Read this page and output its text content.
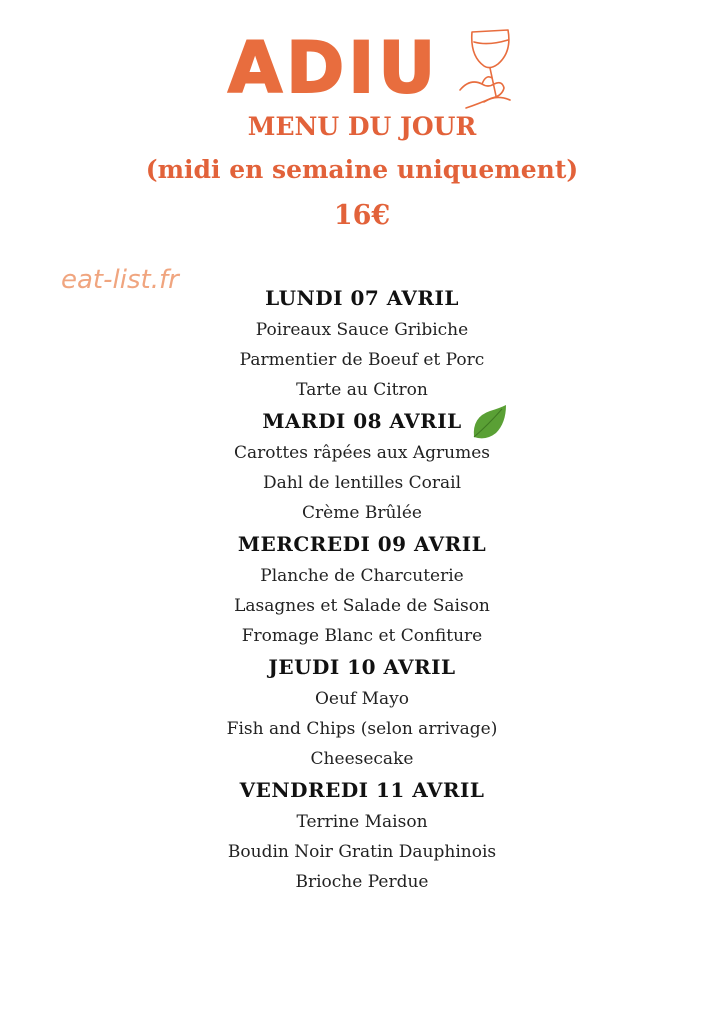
ADIU
MENU DU JOUR
(midi en semaine uniquement)
16€
eat-list.fr
LUNDI 07 AVRIL
Poireaux Sauce Gribiche
Parmentier de Boeuf et Porc
Tarte au Citron
MARDI 08 AVRIL
Carottes râpées aux Agrumes
Dahl de lentilles Corail
Crème Brûlée
MERCREDI 09 AVRIL
Planche de Charcuterie
Lasagnes et Salade de Saison
Fromage Blanc et Confiture
JEUDI 10 AVRIL
Oeuf Mayo
Fish and Chips (selon arrivage)
Cheesecake
VENDREDI 11 AVRIL
Terrine Maison
Boudin Noir Gratin Dauphinois
Brioche Perdue
